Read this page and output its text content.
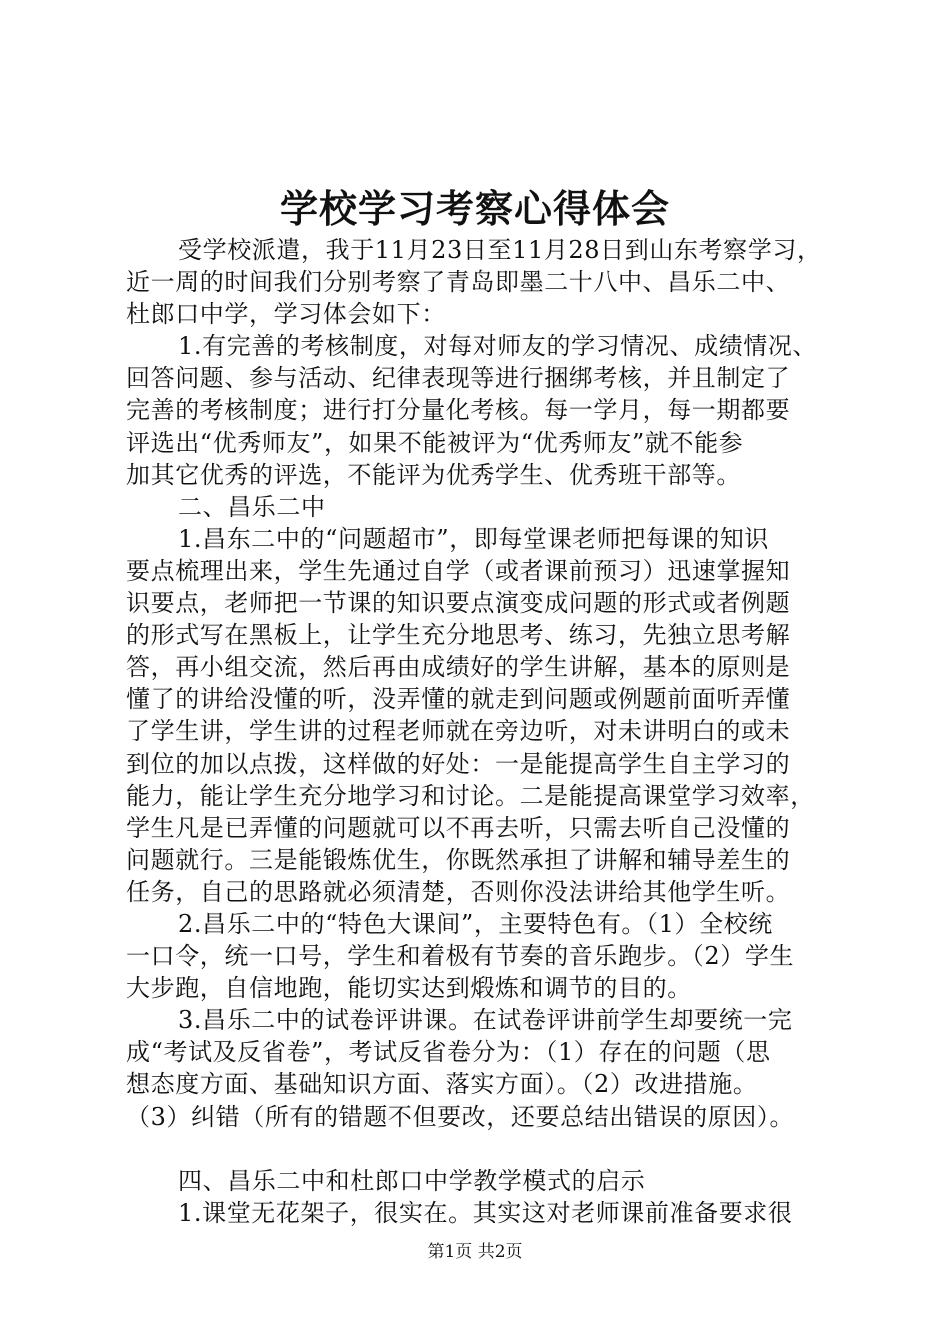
学校学习考察心得体会
受学校派遣，我于11月23日至11月28日到山东考察学习，
近一周的时间我们分别考察了青岛即墨二十八中、昌乐二中、
杜郎口中学，学习体会如下：
1.有完善的考核制度，对每对师友的学习情况、成绩情况、
回答问题、参与活动、纪律表现等进行捆绑考核，并且制定了
完善的考核制度；进行打分量化考核。每一学月，每一期都要
评选出“优秀师友”，如果不能被评为“优秀师友”就不能参
加其它优秀的评选，不能评为优秀学生、优秀班干部等。
二、昌乐二中
1.昌东二中的“问题超市”，即每堂课老师把每课的知识
要点梳理出来，学生先通过自学（或者课前预习）迅速掌握知
识要点，老师把一节课的知识要点演变成问题的形式或者例题
的形式写在黑板上，让学生充分地思考、练习，先独立思考解
答，再小组交流，然后再由成绩好的学生讲解，基本的原则是
懂了的讲给没懂的听，没弄懂的就走到问题或例题前面听弄懂
了学生讲，学生讲的过程老师就在旁边听，对未讲明白的或未
到位的加以点拨，这样做的好处：一是能提高学生自主学习的
能力，能让学生充分地学习和讨论。二是能提高课堂学习效率，
学生凡是已弄懂的问题就可以不再去听，只需去听自己没懂的
问题就行。三是能锻炼优生，你既然承担了讲解和辅导差生的
任务，自己的思路就必须清楚，否则你没法讲给其他学生听。
2.昌乐二中的“特色大课间”，主要特色有。（1）全校统
一口令，统一口号，学生和着极有节奏的音乐跑步。（2）学生
大步跑，自信地跑，能切实达到煅炼和调节的目的。
3.昌乐二中的试卷评讲课。在试卷评讲前学生却要统一完
成“考试及反省卷”，考试反省卷分为：（1）存在的问题（思
想态度方面、基础知识方面、落实方面）。（2）改进措施。
（3）纠错（所有的错题不但要改，还要总结出错误的原因）。
四、昌乐二中和杜郎口中学教学模式的启示
1.课堂无花架子，很实在。其实这对老师课前准备要求很
第1页 共2页
